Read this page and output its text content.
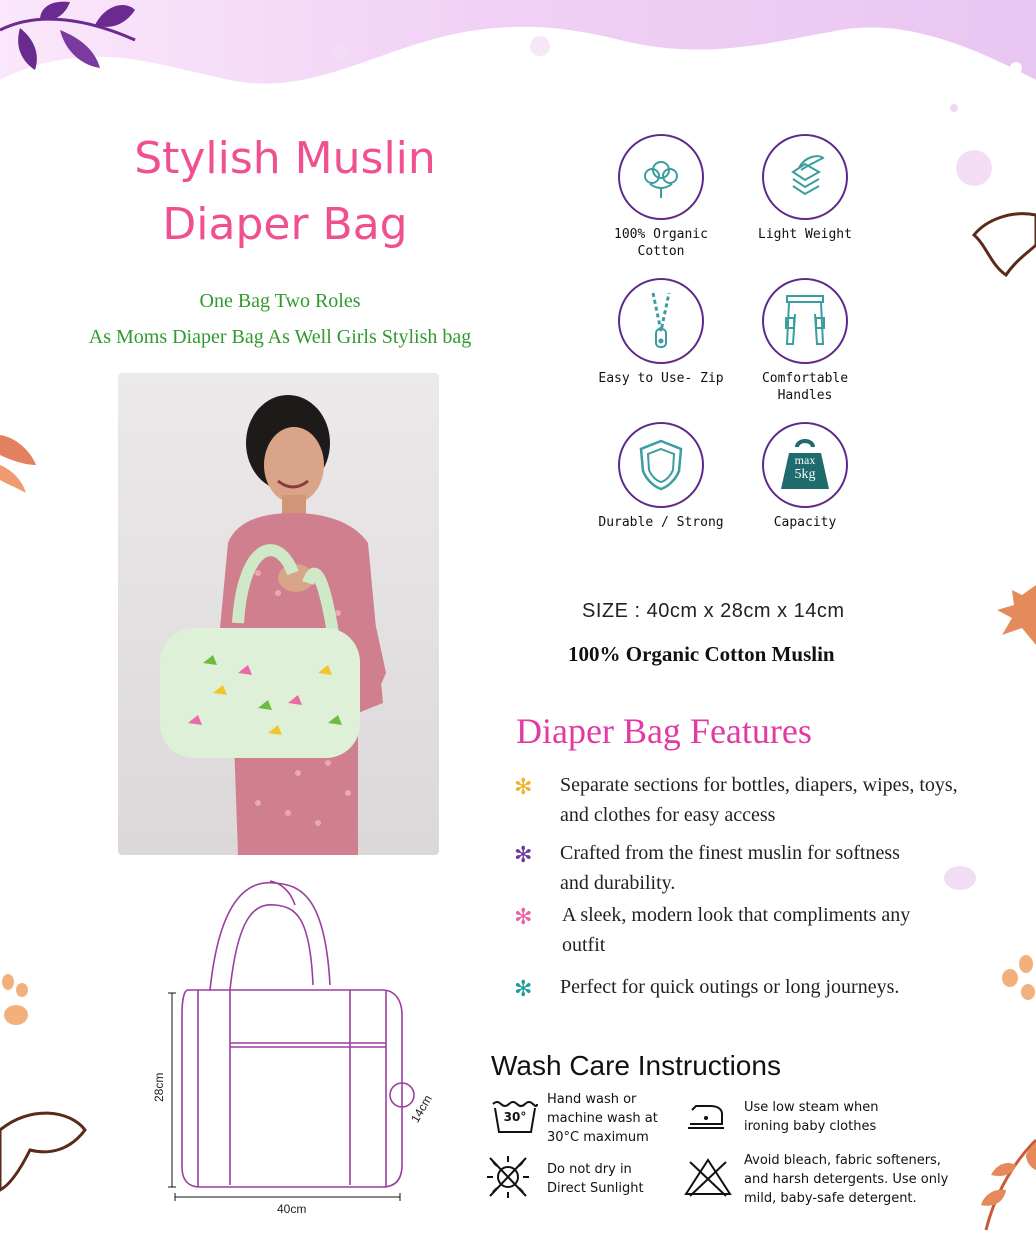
Stylish Muslin
Diaper Bag
One Bag Two Roles
As Moms Diaper Bag As Well Girls Stylish bag
100% Organic
Cotton
Light Weight
Easy to Use- Zip	Comfortable
Handles
Durable / Strong
max
5kg
Capacity
SIZE : 40cm x 28cm x 14cm
100% Organic Cotton Muslin
Diaper Bag Features
✻ Separate sections for bottles, diapers, wipes, toys, and clothes for easy access
✻ Crafted from the finest muslin for softness and durability.
✻ A sleek, modern look that compliments any outfit
✻ Perfect for quick outings or long journeys.
Wash Care Instructions
30°
Hand wash or
machine wash at
30°C maximum
Use low steam when
ironing baby clothes
Do not dry in
Direct Sunlight
Avoid bleach, fabric softeners,
and harsh detergents. Use only
mild, baby-safe detergent.
28cm
40cm
14cm
